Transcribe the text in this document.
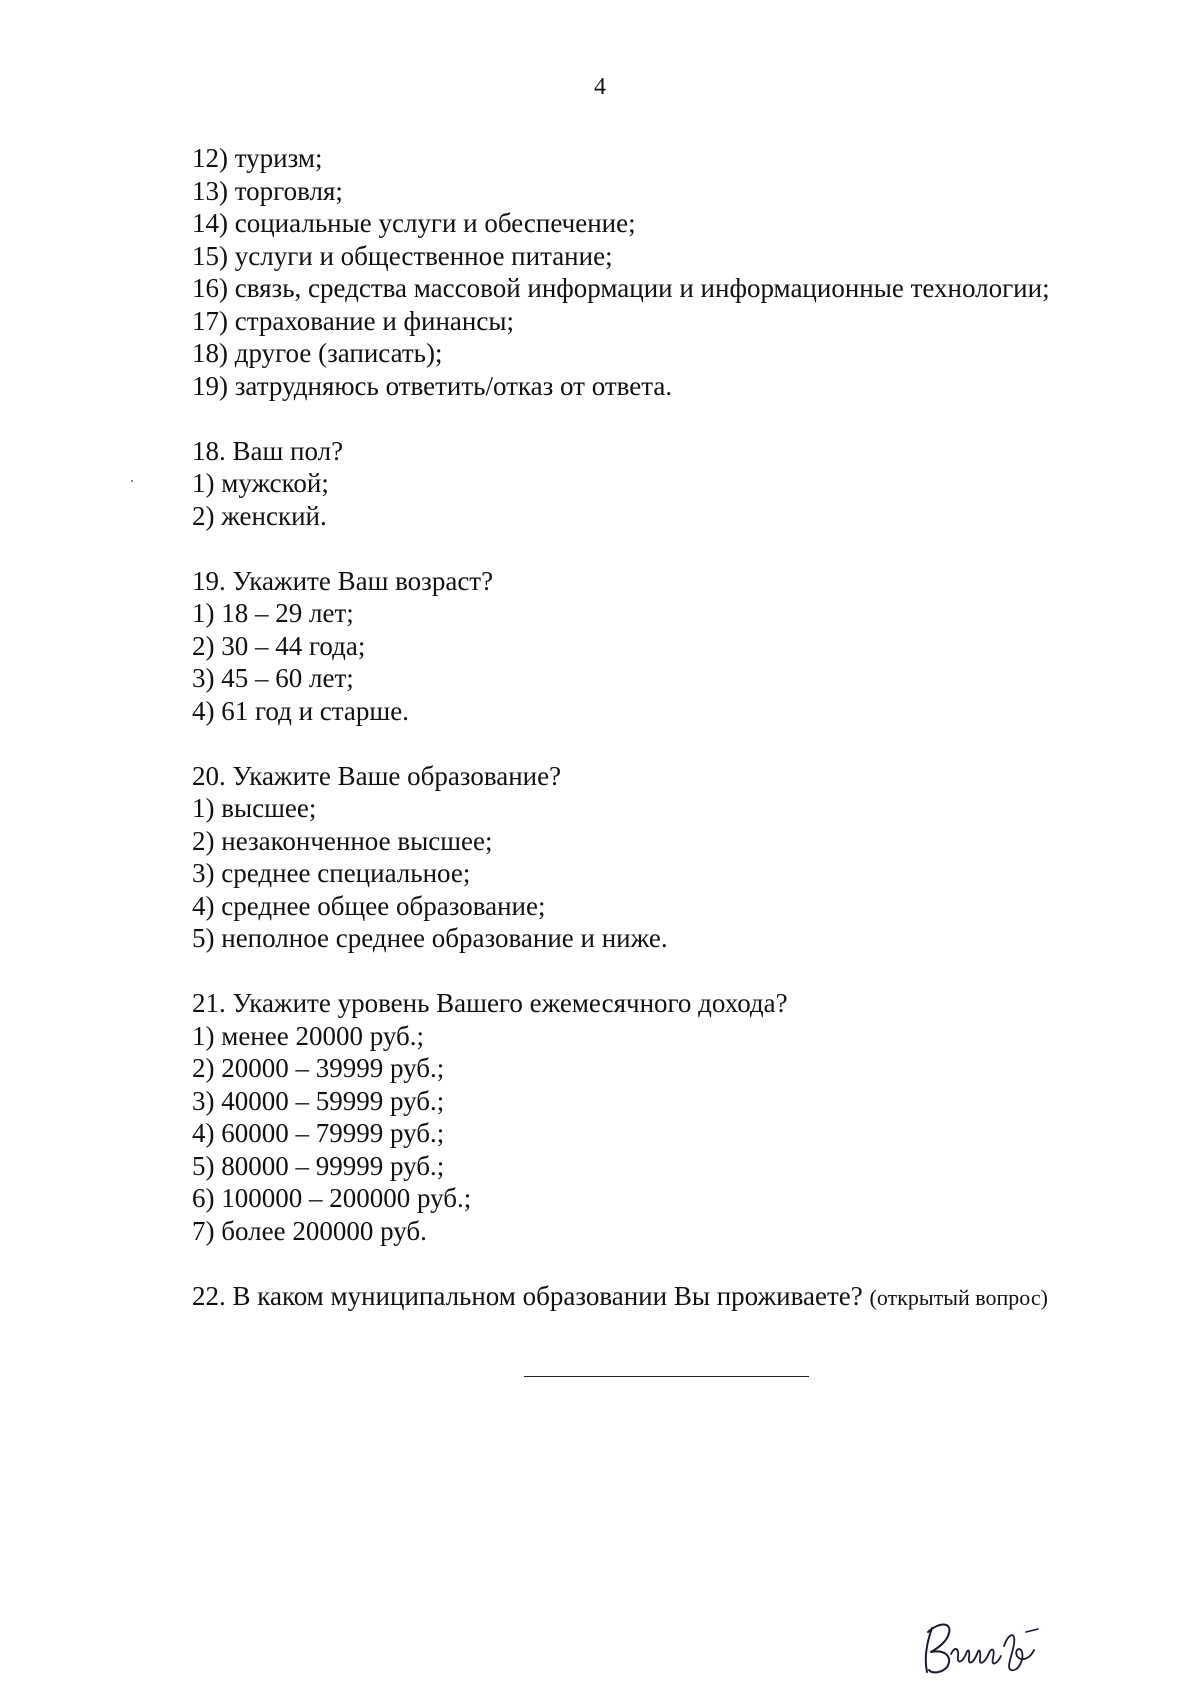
4
12) туризм;
13) торговля;
14) социальные услуги и обеспечение;
15) услуги и общественное питание;
16) связь, средства массовой информации и информационные технологии;
17) страхование и финансы;
18) другое (записать);
19) затрудняюсь ответить/отказ от ответа.
18. Ваш пол?
1) мужской;
2) женский.
19. Укажите Ваш возраст?
1) 18 – 29 лет;
2) 30 – 44 года;
3) 45 – 60 лет;
4) 61 год и старше.
20. Укажите Ваше образование?
1) высшее;
2) незаконченное высшее;
3) среднее специальное;
4) среднее общее образование;
5) неполное среднее образование и ниже.
21. Укажите уровень Вашего ежемесячного дохода?
1) менее 20000 руб.;
2) 20000 – 39999 руб.;
3) 40000 – 59999 руб.;
4) 60000 – 79999 руб.;
5) 80000 – 99999 руб.;
6) 100000 – 200000 руб.;
7) более 200000 руб.
22. В каком муниципальном образовании Вы проживаете? (открытый вопрос)
